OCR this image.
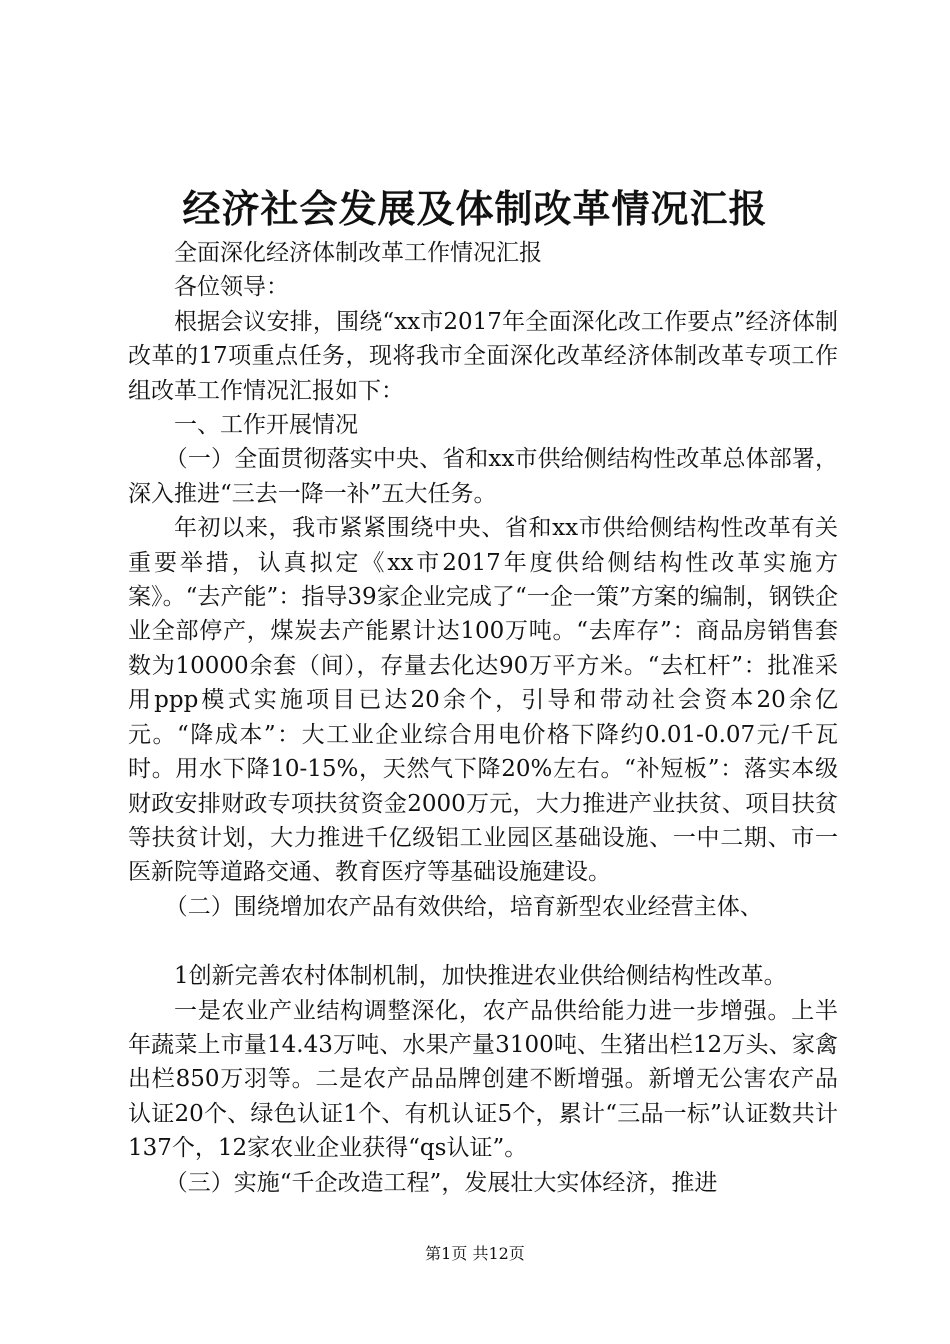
经济社会发展及体制改革情况汇报

全面深化经济体制改革工作情况汇报

各位领导：

根据会议安排，围绕“xx市2017年全面深化改工作要点”经济体制改革的17项重点任务，现将我市全面深化改革经济体制改革专项工作组改革工作情况汇报如下：

一、工作开展情况

（一）全面贯彻落实中央、省和xx市供给侧结构性改革总体部署，深入推进“三去一降一补”五大任务。

年初以来，我市紧紧围绕中央、省和xx市供给侧结构性改革有关重要举措，认真拟定《xx市2017年度供给侧结构性改革实施方案》。“去产能”：指导39家企业完成了“一企一策”方案的编制，钢铁企业全部停产，煤炭去产能累计达100万吨。“去库存”：商品房销售套数为10000余套（间），存量去化达90万平方米。“去杠杆”：批准采用ppp模式实施项目已达20余个，引导和带动社会资本20余亿元。“降成本”：大工业企业综合用电价格下降约0.01-0.07元/千瓦时。用水下降10-15%，天然气下降20%左右。“补短板”：落实本级财政安排财政专项扶贫资金2000万元，大力推进产业扶贫、项目扶贫等扶贫计划，大力推进千亿级铝工业园区基础设施、一中二期、市一医新院等道路交通、教育医疗等基础设施建设。

（二）围绕增加农产品有效供给，培育新型农业经营主体、

1创新完善农村体制机制，加快推进农业供给侧结构性改革。

一是农业产业结构调整深化，农产品供给能力进一步增强。上半年蔬菜上市量14.43万吨、水果产量3100吨、生猪出栏12万头、家禽出栏850万羽等。二是农产品品牌创建不断增强。新增无公害农产品认证20个、绿色认证1个、有机认证5个，累计“三品一标”认证数共计137个，12家农业企业获得“qs认证”。

（三）实施“千企改造工程”，发展壮大实体经济，推进

第1页 共12页
